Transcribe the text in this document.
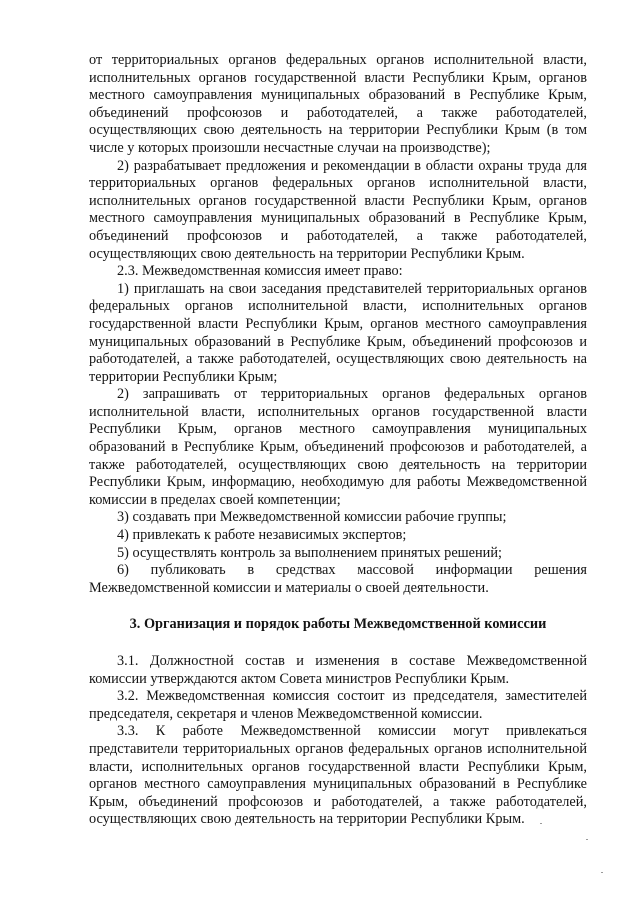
от территориальных органов федеральных органов исполнительной власти, исполнительных органов государственной власти Республики Крым, органов местного самоуправления муниципальных образований в Республике Крым, объединений профсоюзов и работодателей, а также работодателей, осуществляющих свою деятельность на территории Республики Крым (в том числе у которых произошли несчастные случаи на производстве);

2) разрабатывает предложения и рекомендации в области охраны труда для территориальных органов федеральных органов исполнительной власти, исполнительных органов государственной власти Республики Крым, органов местного самоуправления муниципальных образований в Республике Крым, объединений профсоюзов и работодателей, а также работодателей, осуществляющих свою деятельность на территории Республики Крым.

2.3. Межведомственная комиссия имеет право:

1) приглашать на свои заседания представителей территориальных органов федеральных органов исполнительной власти, исполнительных органов государственной власти Республики Крым, органов местного самоуправления муниципальных образований в Республике Крым, объединений профсоюзов и работодателей, а также работодателей, осуществляющих свою деятельность на территории Республики Крым;

2) запрашивать от территориальных органов федеральных органов исполнительной власти, исполнительных органов государственной власти Республики Крым, органов местного самоуправления муниципальных образований в Республике Крым, объединений профсоюзов и работодателей, а также работодателей, осуществляющих свою деятельность на территории Республики Крым, информацию, необходимую для работы Межведомственной комиссии в пределах своей компетенции;

3) создавать при Межведомственной комиссии рабочие группы;

4) привлекать к работе независимых экспертов;

5) осуществлять контроль за выполнением принятых решений;

6) публиковать в средствах массовой информации решения Межведомственной комиссии и материалы о своей деятельности.

3. Организация и порядок работы Межведомственной комиссии

3.1. Должностной состав и изменения в составе Межведомственной комиссии утверждаются актом Совета министров Республики Крым.

3.2. Межведомственная комиссия состоит из председателя, заместителей председателя, секретаря и членов Межведомственной комиссии.

3.3. К работе Межведомственной комиссии могут привлекаться представители территориальных органов федеральных органов исполнительной власти, исполнительных органов государственной власти Республики Крым, органов местного самоуправления муниципальных образований в Республике Крым, объединений профсоюзов и работодателей, а также работодателей, осуществляющих свою деятельность на территории Республики Крым.
